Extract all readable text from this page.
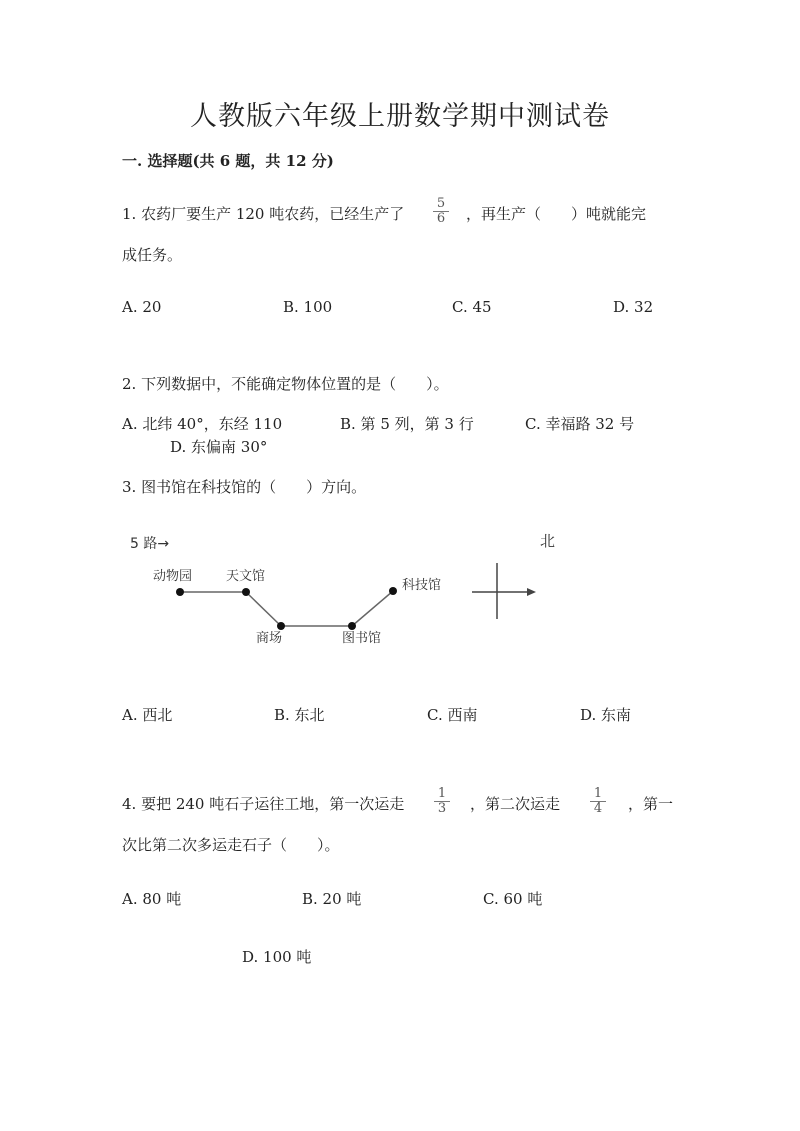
人教版六年级上册数学期中测试卷
一. 选择题(共 6 题，共 12 分)
1. 农药厂要生产 120 吨农药，已经生产了 $\frac{5}{6}$ ，再生产（　　）吨就能完
成任务。
A. 20	B. 100	C. 45	D. 32
2. 下列数据中，不能确定物体位置的是（　　）。
A. 北纬 40°，东经 110	B. 第 5 列，第 3 行	C. 幸福路 32 号
D. 东偏南 30°
3. 图书馆在科技馆的（　　）方向。
5 路→	北
动物园	天文馆
商场	图书馆
科技馆
A. 西北	B. 东北	C. 西南	D. 东南
4. 要把 240 吨石子运往工地，第一次运走 $\frac{1}{3}$ ，第二次运走 $\frac{1}{4}$ ，第一
次比第二次多运走石子（　　）。
A. 80 吨	B. 20 吨	C. 60 吨
D. 100 吨
